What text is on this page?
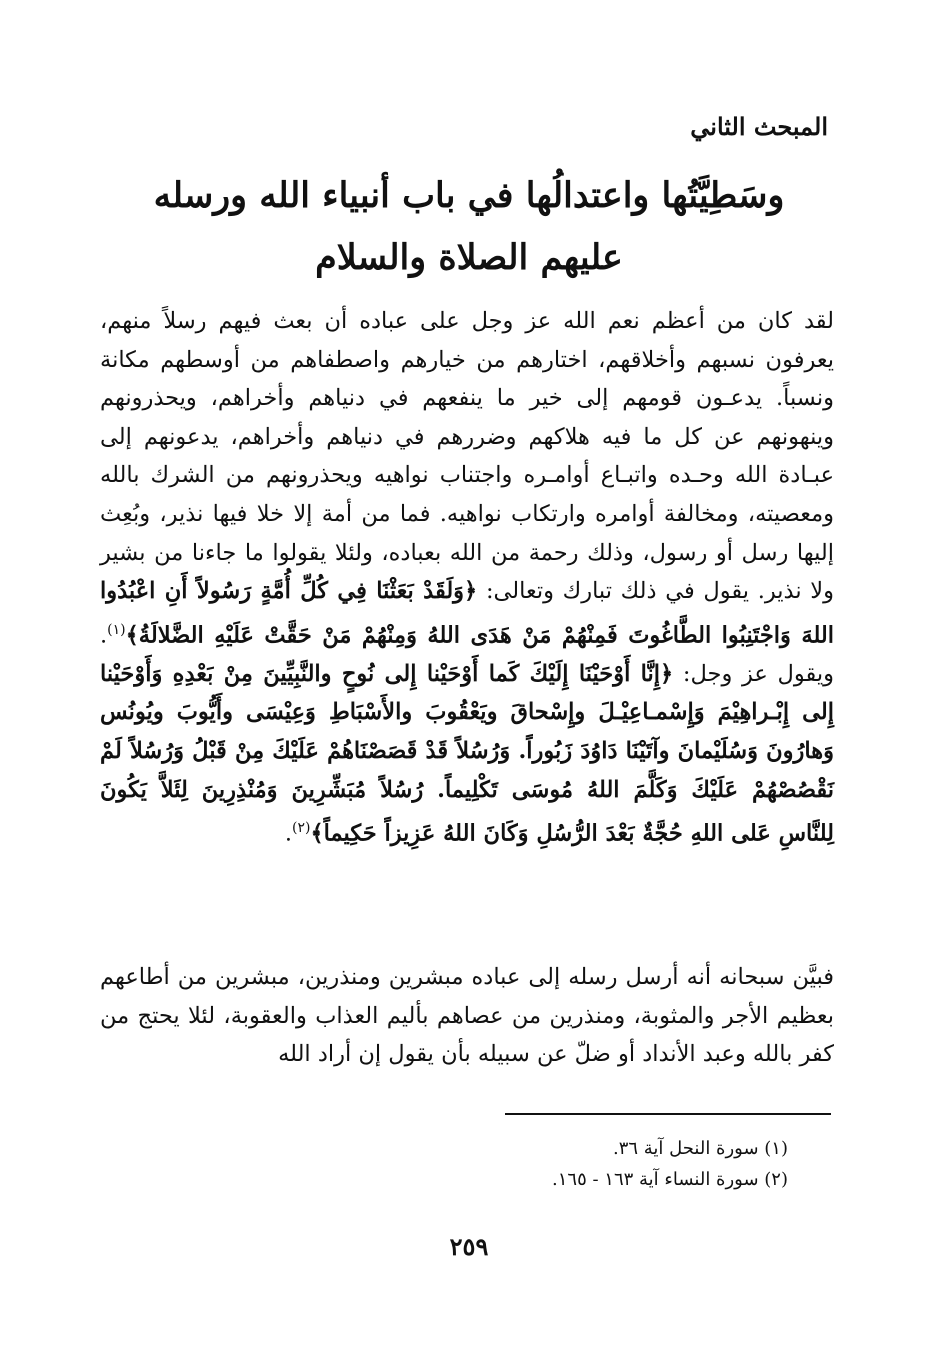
المبحث الثاني
وسَطِيَّتُها واعتدالُها في باب أنبياء الله ورسله
عليهم الصلاة والسلام

لقد كان من أعظم نعم الله عز وجل على عباده أن بعث فيهم رسلاً منهم، يعرفون نسبهم وأخلاقهم، اختارهم من خيارهم واصطفاهم من أوسطهم مكانة ونسباً. يدعـون قومهم إلى خير ما ينفعهم في دنياهم وأخراهم، ويحذرونهم وينهونهم عن كل ما فيه هلاكهم وضررهم في دنياهم وأخراهم، يدعونهم إلى عبـادة الله وحـده واتبـاع أوامـره واجتناب نواهيه ويحذرونهم من الشرك بالله ومعصيته، ومخالفة أوامره وارتكاب نواهيه. فما من أمة إلا خلا فيها نذير، وبُعِث إليها رسل أو رسول، وذلك رحمة من الله بعباده، ولئلا يقولوا ما جاءنا من بشير ولا نذير. يقول في ذلك تبارك وتعالى: ﴿وَلَقَدْ بَعَثْنَا فِي كُلِّ أُمَّةٍ رَسُولاً أَنِ اعْبُدُوا اللهَ وَاجْتَنِبُوا الطَّاغُوتَ فَمِنْهُمْ مَنْ هَدَى اللهُ وَمِنْهُمْ مَنْ حَقَّتْ عَلَيْهِ الضَّلالَةُ﴾$^{(١)}$. ويقول عز وجل: ﴿إِنَّا أَوْحَيْنَا إِلَيْكَ كَما أَوْحَيْنا إِلى نُوحٍ والنَّبِيِّينَ مِنْ بَعْدِهِ وَأَوْحَيْنا إِلى إِبْـراهِيْمَ وَإِسْمـاعِيْـلَ وإِسْحاقَ ويَعْقُوبَ والأَسْبَاطِ وَعِيْسَى وأَيُّوبَ ويُونُس وَهارُونَ وَسُلَيْمانَ وآتَيْنَا دَاوُدَ زَبُوراً. وَرُسُلاً قَدْ قَصَصْنَاهُمْ عَلَيْكَ مِنْ قَبْلُ وَرُسُلاً لَمْ نَقْصُصْهُمْ عَلَيْكَ وَكَلَّمَ اللهُ مُوسَى تَكْلِيماً. رُسُلاً مُبَشِّرِينَ وَمُنْذِرِينَ لِئَلاَّ يَكُونَ لِلنَّاسِ عَلى اللهِ حُجَّةٌ بَعْدَ الرُّسُلِ وَكَانَ اللهُ عَزِيزاً حَكِيماً﴾$^{(٢)}$.

فبيَّن سبحانه أنه أرسل رسله إلى عباده مبشرين ومنذرين، مبشرين من أطاعهم بعظيم الأجر والمثوبة، ومنذرين من عصاهم بأليم العذاب والعقوبة، لئلا يحتج من كفر بالله وعبد الأنداد أو ضلّ عن سبيله بأن يقول إن أراد الله

(١) سورة النحل آية ٣٦.
(٢) سورة النساء آية ١٦٣ - ١٦٥.

٢٥٩
